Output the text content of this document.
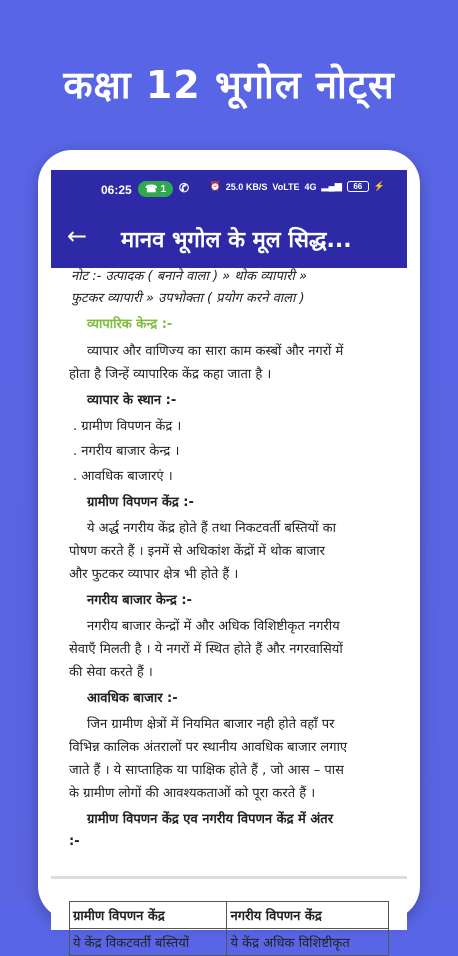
कक्षा 12 भूगोल नोट्स
06:25 ☎ 1 ✆ ⏰ 25.0 KB/S VoLTE 4G ▂▄▆	66	⚡
← मानव भूगोल के मूल सिद्ध...
नोट :- उत्पादक ( बनाने वाला ) » थोक व्यापारी »
फुटकर व्यापारी » उपभोक्ता ( प्रयोग करने वाला )
व्यापारिक केन्द्र :-
व्यापार और वाणिज्य का सारा काम कस्बों और नगरों में
होता है जिन्हें व्यापारिक केंद्र कहा जाता है ।
व्यापार के स्थान :-
. ग्रामीण विपणन केंद्र ।
. नगरीय बाजार केन्द्र ।
. आवधिक बाजारएं ।
ग्रामीण विपणन केंद्र :-
ये अर्द्ध नगरीय केंद्र होते हैं तथा निकटवर्ती बस्तियों का
पोषण करते हैं । इनमें से अधिकांश केंद्रों में थोक बाजार
और फुटकर व्यापार क्षेत्र भी होते हैं ।
नगरीय बाजार केन्द्र :-
नगरीय बाजार केन्द्रों में और अधिक विशिष्टीकृत नगरीय
सेवाएँ मिलती है । ये नगरों में स्थित होते हैं और नगरवासियों
की सेवा करते हैं ।
आवधिक बाजार :-
जिन ग्रामीण क्षेत्रों में नियमित बाजार नही होते वहाँ पर
विभिन्न कालिक अंतरालों पर स्थानीय आवधिक बाजार लगाए
जाते हैं । ये साप्ताहिक या पाक्षिक होते हैं , जो आस – पास
के ग्रामीण लोगों की आवश्यकताओं को पूरा करते हैं ।
ग्रामीण विपणन केंद्र एव नगरीय विपणन केंद्र में अंतर
:-
ग्रामीण विपणन केंद्र	नगरीय विपणन केंद्र
ये केंद्र विकटवर्ती बस्तियों	ये केंद्र अधिक विशिष्टीकृत
